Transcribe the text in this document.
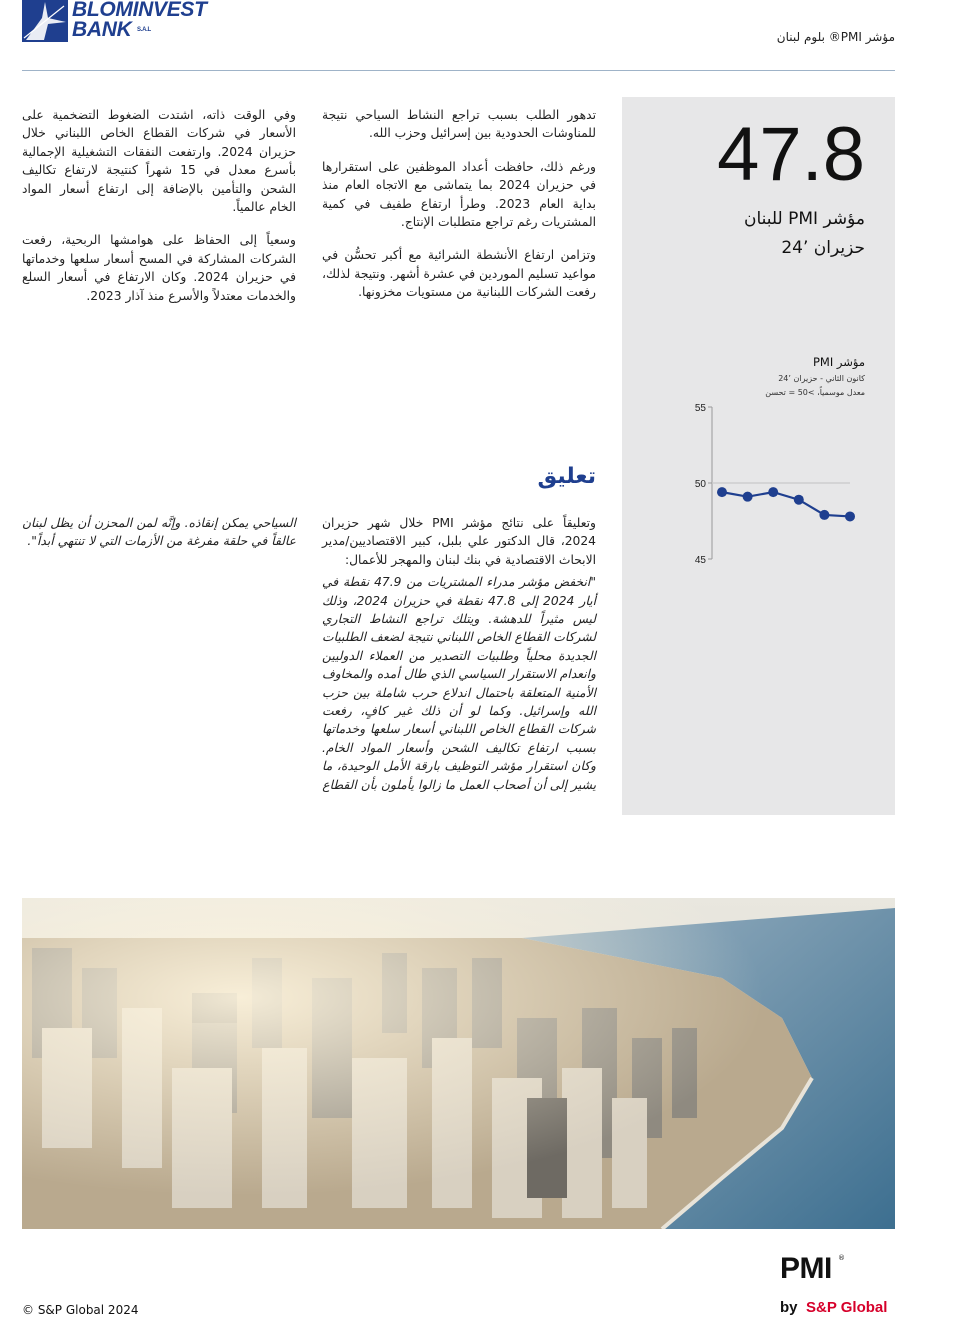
BLOMINVEST
BANK S.A.L	مؤشر PMI® بلوم لبنان
47.8
مؤشر PMI للبنان
حزيران ’24
مؤشر PMI
كانون الثاني - حزيران ’24
معدل موسمياً، >50 = تحسن
55
50
45

تدهور الطلب بسبب تراجع النشاط السياحي نتيجة للمناوشات الحدودية بين إسرائيل وحزب الله.

ورغم ذلك، حافظت أعداد الموظفين على استقرارها في حزيران 2024 بما يتماشى مع الاتجاه العام منذ بداية العام 2023. وطرأ ارتفاع طفيف في كمية المشتريات رغم تراجع متطلبات الإنتاج.

وتزامن ارتفاع الأنشطة الشرائية مع أكبر تحسُّن في مواعيد تسليم الموردين في عشرة أشهر. ونتيجة لذلك، رفعت الشركات اللبنانية من مستويات مخزونها.

وفي الوقت ذاته، اشتدت الضغوط التضخمية على الأسعار في شركات القطاع الخاص اللبناني خلال حزيران 2024. وارتفعت النفقات التشغيلية الإجمالية بأسرع معدل في 15 شهراً كنتيجة لارتفاع تكاليف الشحن والتأمين بالإضافة إلى ارتفاع أسعار المواد الخام عالمياً.

وسعياً إلى الحفاظ على هوامشها الربحية، رفعت الشركات المشاركة في المسح أسعار سلعها وخدماتها في حزيران 2024. وكان الارتفاع في أسعار السلع والخدمات معتدلاً والأسرع منذ آذار 2023.

تعليق

وتعليقاً على نتائج مؤشر PMI خلال شهر حزيران 2024، قال الدكتور علي بلبل، كبير الاقتصاديين/مدير الابحاث الاقتصادية في بنك لبنان والمهجر للأعمال:

"انخفض مؤشر مدراء المشتريات من 47.9 نقطة في أيار 2024 إلى 47.8 نقطة في حزيران 2024، وذلك ليس مثيراً للدهشة. ويتلك تراجع النشاط التجاري لشركات القطاع الخاص اللبناني نتيجة لضعف الطلبيات الجديدة محلياً وطلبيات التصدير من العملاء الدوليين وانعدام الاستقرار السياسي الذي طال أمده والمخاوف الأمنية المتعلقة باحتمال اندلاع حرب شاملة بين حزب الله وإسرائيل. وكما لو أن ذلك غير كافٍ، رفعت شركات القطاع الخاص اللبناني أسعار سلعها وخدماتها بسبب ارتفاع تكاليف الشحن وأسعار المواد الخام. وكان استقرار مؤشر التوظيف بارقة الأمل الوحيدة، ما يشير إلى أن أصحاب العمل ما زالوا يأملون بأن القطاع

السياحي يمكن إنقاذه. وإنَّه لمن المحزن أن يظل لبنان عالقاً في حلقة مفرغة من الأزمات التي لا تنتهي أبداً".

© S&P Global 2024
PMI ®
by S&P Global
